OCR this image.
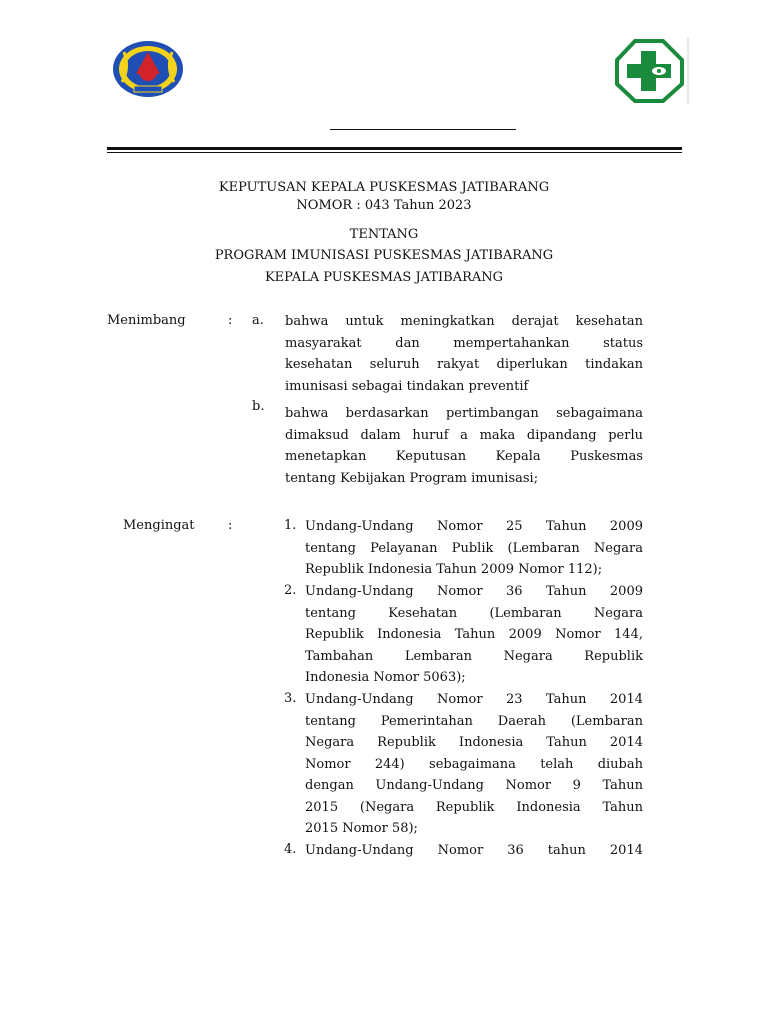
KEPUTUSAN KEPALA PUSKESMAS JATIBARANG
NOMOR : 043 Tahun 2023
TENTANG
PROGRAM IMUNISASI PUSKESMAS JATIBARANG
KEPALA PUSKESMAS JATIBARANG
Menimbang	: a. bahwa untuk meningkatkan derajat kesehatan
masyarakat dan mempertahankan status
kesehatan seluruh rakyat diperlukan tindakan
imunisasi sebagai tindakan preventif
b. bahwa berdasarkan pertimbangan sebagaimana
dimaksud dalam huruf a maka dipandang perlu
menetapkan Keputusan Kepala Puskesmas
tentang Kebijakan Program imunisasi;
Mengingat	:	1. Undang-Undang Nomor 25 Tahun 2009
tentang Pelayanan Publik (Lembaran Negara
Republik Indonesia Tahun 2009 Nomor 112);
2. Undang-Undang Nomor 36 Tahun 2009
tentang Kesehatan (Lembaran Negara
Republik Indonesia Tahun 2009 Nomor 144,
Tambahan Lembaran Negara Republik
Indonesia Nomor 5063);
3. Undang-Undang Nomor 23 Tahun 2014
tentang Pemerintahan Daerah (Lembaran
Negara Republik Indonesia Tahun 2014
Nomor 244) sebagaimana telah diubah
dengan Undang-Undang Nomor 9 Tahun
2015 (Negara Republik Indonesia Tahun
2015 Nomor 58);
4. Undang-Undang Nomor 36 tahun 2014
